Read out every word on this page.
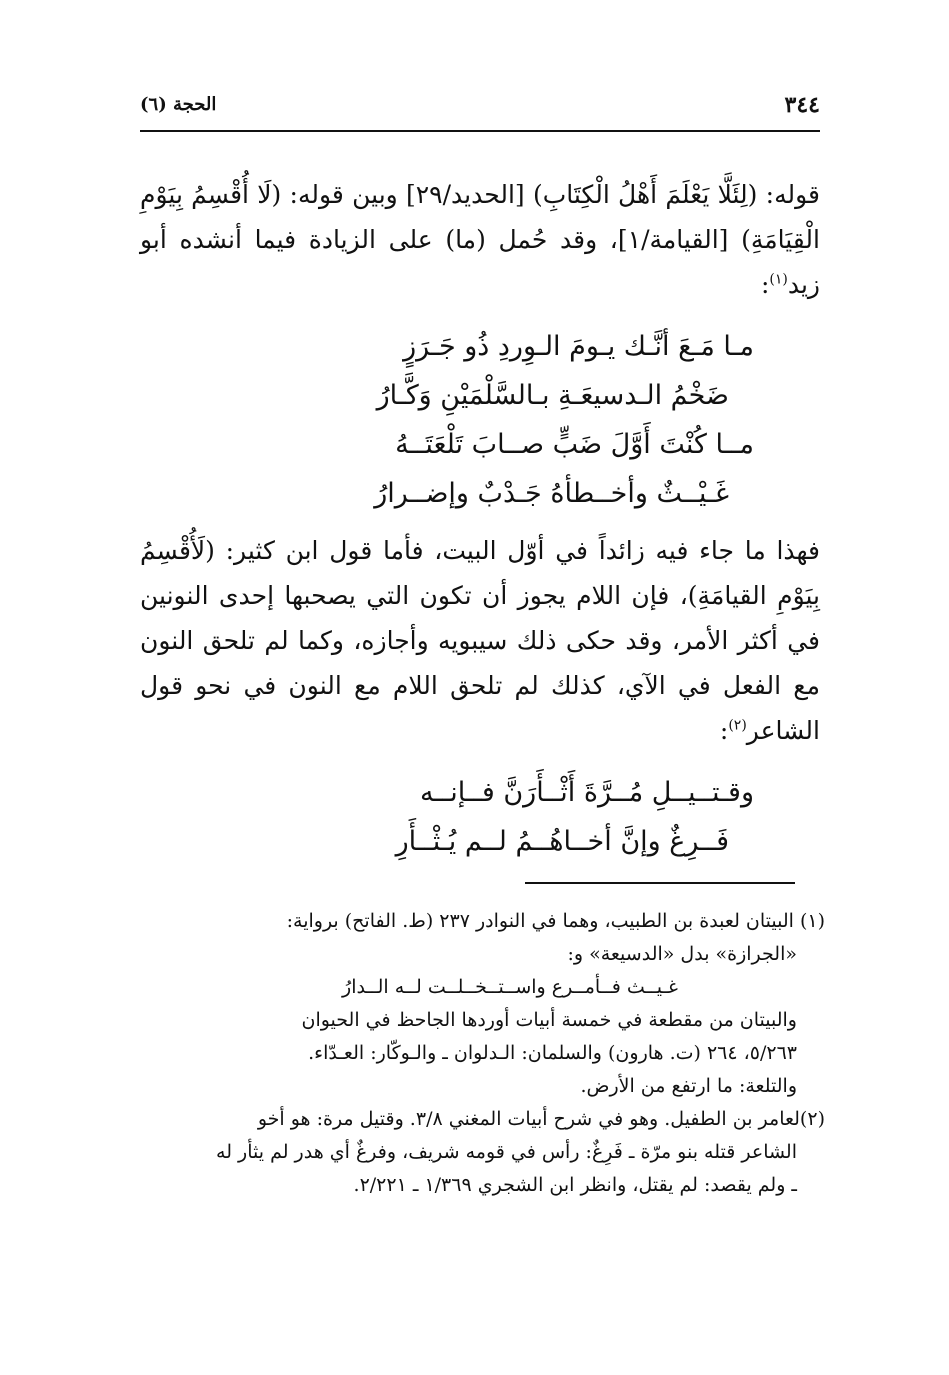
٣٤٤
الحجة (٦)

قوله: (لِئَلَّا يَعْلَمَ أَهْلُ الْكِتَابِ) [الحديد/٢٩] وبين قوله: (لَا أُقْسِمُ بِيَوْمِ الْقِيَامَةِ) [القيامة/١]، وقد حُمل (ما) على الزيادة فيما أنشده أبو زيد$^{(١)}$:

مـا مَـعَ أنَّـك يـومَ الـوِردِ ذُو جَـرَزٍ
ضَخْمُ الـدسيعَـةِ بـالسَّلْمَيْنِ وَكَّـارُ
مــا كُنْتَ أَوَّلَ ضَبٍّ صــابَ تَلْعَتَــهُ
غَـيْــثٌ وأخــطأهُ جَـدْبٌ وإضــرارُ

فهذا ما جاء فيه زائداً في أوّل البيت، فأما قول ابن كثير: (لَأُقْسِمُ بِيَوْمِ القيامَةِ)، فإن اللام يجوز أن تكون التي يصحبها إحدى النونين في أكثر الأمر، وقد حكى ذلك سيبويه وأجازه، وكما لم تلحق النون مع الفعل في الآي، كذلك لم تلحق اللام مع النون في نحو قول الشاعر$^{(٢)}$:

وقـتــيــلِ مُــرَّةَ أَثْــأَرَنَّ فــإنــه
فَــرِغٌ وإنَّ أخــاهُــمُ لــم يُـثْــأَرِ

(١) البيتان لعبدة بن الطبيب، وهما في النوادر ٢٣٧ (ط. الفاتح) برواية:

«الجرازة» بدل «الدسيعة» و:

غـيــث فــأمــرع واســتــخــلــت لــه الــدارُ

والبيتان من مقطعة في خمسة أبيات أوردها الجاحظ في الحيوان

٥/٢٦٣، ٢٦٤ (ت. هارون) والسلمان: الـدلوان ـ والـوكّار: العـدّاء.

والتلعة: ما ارتفع من الأرض.

(٢)لعامر بن الطفيل. وهو في شرح أبيات المغني ٣/٨. وقتيل مرة: هو أخو

الشاعر قتله بنو مرّة ـ فَرِغٌ: رأس في قومه شريف، وفرغٌ أي هدر لم يثأر له

ـ ولم يقصد: لم يقتل، وانظر ابن الشجري ١/٣٦٩ ـ ٢/٢٢١.
